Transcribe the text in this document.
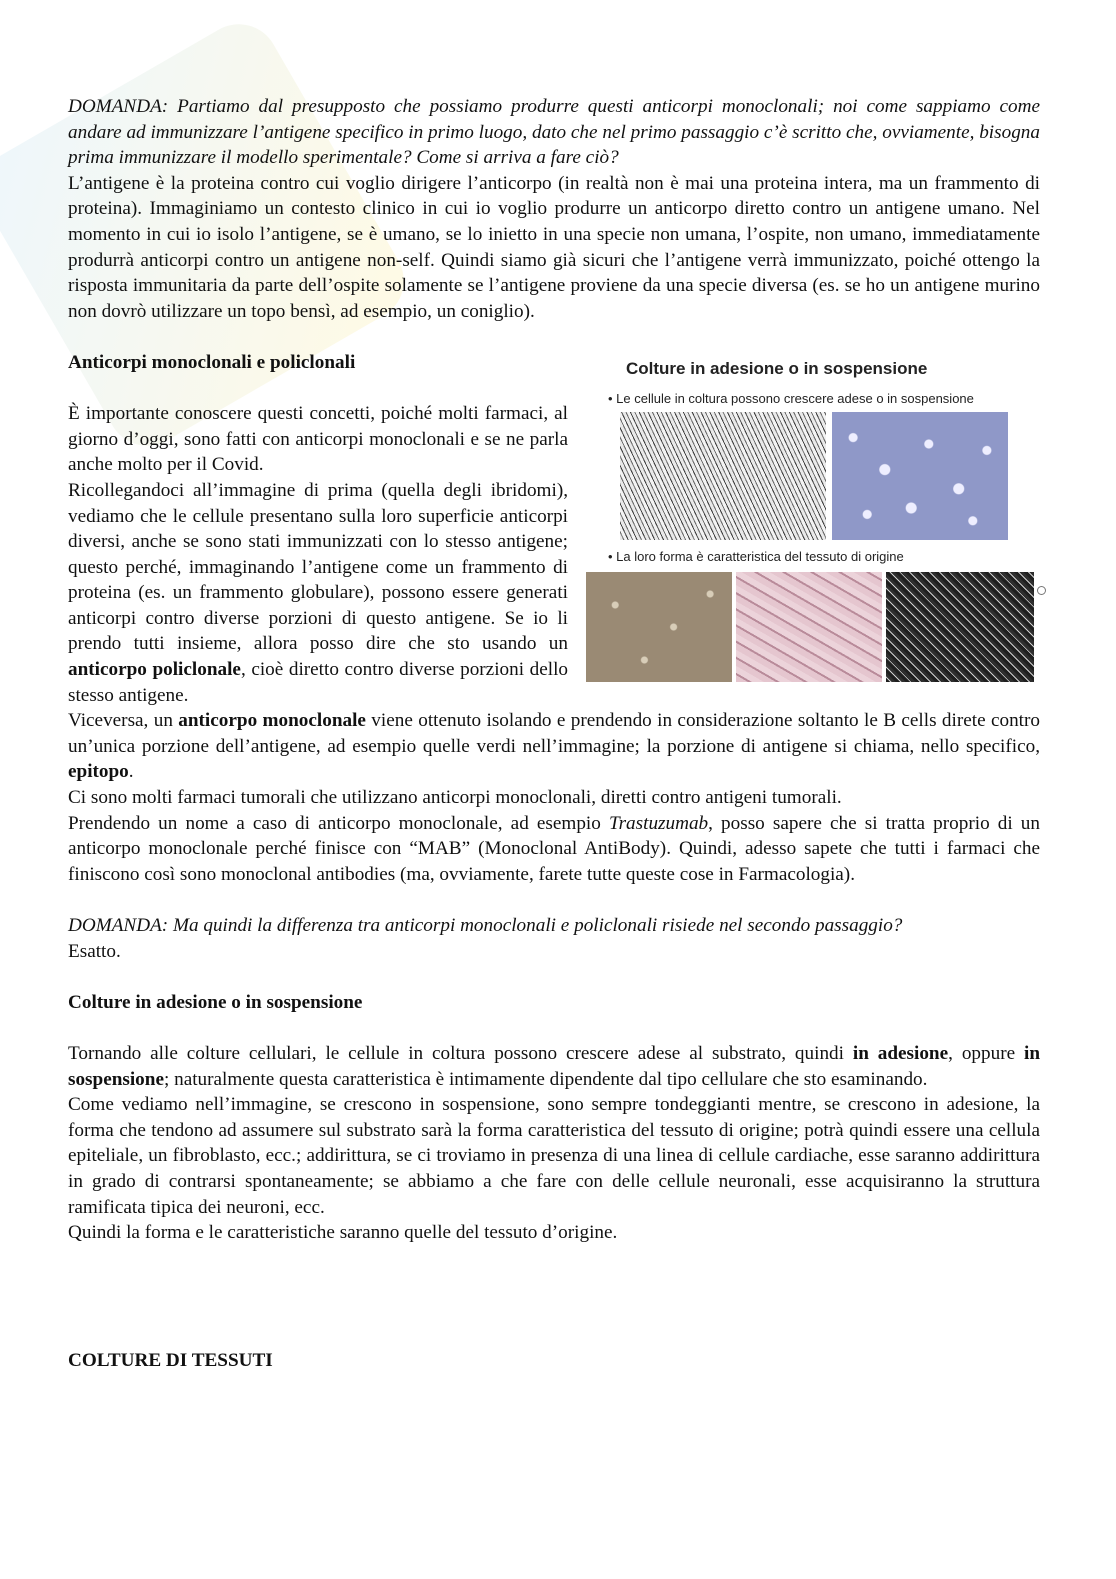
DOMANDA: Partiamo dal presupposto che possiamo produrre questi anticorpi monoclonali; noi come sappiamo come andare ad immunizzare l’antigene specifico in primo luogo, dato che nel primo passaggio c’è scritto che, ovviamente, bisogna prima immunizzare il modello sperimentale? Come si arriva a fare ciò?

L’antigene è la proteina contro cui voglio dirigere l’anticorpo (in realtà non è mai una proteina intera, ma un frammento di proteina). Immaginiamo un contesto clinico in cui io voglio produrre un anticorpo diretto contro un antigene umano. Nel momento in cui io isolo l’antigene, se è umano, se lo inietto in una specie non umana, l’ospite, non umano, immediatamente produrrà anticorpi contro un antigene non-self. Quindi siamo già sicuri che l’antigene verrà immunizzato, poiché ottengo la risposta immunitaria da parte dell’ospite solamente se l’antigene proviene da una specie diversa (es. se ho un antigene murino non dovrò utilizzare un topo bensì, ad esempio, un coniglio).

Colture in adesione o in sospensione
• Le cellule in coltura possono crescere adese o in sospensione
• La loro forma è caratteristica del tessuto di origine
Anticorpi monoclonali e policlonali

È importante conoscere questi concetti, poiché molti farmaci, al giorno d’oggi, sono fatti con anticorpi monoclonali e se ne parla anche molto per il Covid.

Ricollegandoci all’immagine di prima (quella degli ibridomi), vediamo che le cellule presentano sulla loro superficie anticorpi diversi, anche se sono stati immunizzati con lo stesso antigene; questo perché, immaginando l’antigene come un frammento di proteina (es. un frammento globulare), possono essere generati anticorpi contro diverse porzioni di questo antigene. Se io li prendo tutti insieme, allora posso dire che sto usando un anticorpo policlonale, cioè diretto contro diverse porzioni dello stesso antigene.

Viceversa, un anticorpo monoclonale viene ottenuto isolando e prendendo in considerazione soltanto le B cells direte contro un’unica porzione dell’antigene, ad esempio quelle verdi nell’immagine; la porzione di antigene si chiama, nello specifico, epitopo.

Ci sono molti farmaci tumorali che utilizzano anticorpi monoclonali, diretti contro antigeni tumorali.

Prendendo un nome a caso di anticorpo monoclonale, ad esempio Trastuzumab, posso sapere che si tratta proprio di un anticorpo monoclonale perché finisce con “MAB” (Monoclonal AntiBody). Quindi, adesso sapete che tutti i farmaci che finiscono così sono monoclonal antibodies (ma, ovviamente, farete tutte queste cose in Farmacologia).

DOMANDA: Ma quindi la differenza tra anticorpi monoclonali e policlonali risiede nel secondo passaggio?

Esatto.

Colture in adesione o in sospensione

Tornando alle colture cellulari, le cellule in coltura possono crescere adese al substrato, quindi in adesione, oppure in sospensione; naturalmente questa caratteristica è intimamente dipendente dal tipo cellulare che sto esaminando.

Come vediamo nell’immagine, se crescono in sospensione, sono sempre tondeggianti mentre, se crescono in adesione, la forma che tendono ad assumere sul substrato sarà la forma caratteristica del tessuto di origine; potrà quindi essere una cellula epiteliale, un fibroblasto, ecc.; addirittura, se ci troviamo in presenza di una linea di cellule cardiache, esse saranno addirittura in grado di contrarsi spontaneamente; se abbiamo a che fare con delle cellule neuronali, esse acquisiranno la struttura ramificata tipica dei neuroni, ecc.

Quindi la forma e le caratteristiche saranno quelle del tessuto d’origine.

COLTURE DI TESSUTI
